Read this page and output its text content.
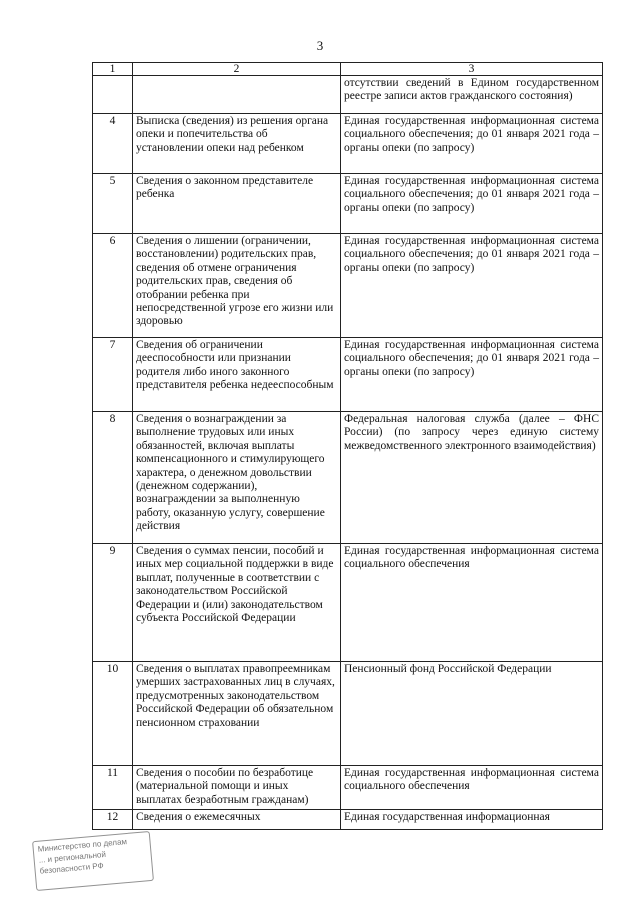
3
1	2	3
		отсутствии сведений в Едином государственном реестре записи актов гражданского состояния)
4	Выписка (сведения) из решения органа опеки и попечительства об установлении опеки над ребенком	Единая государственная информационная система социального обеспечения; до 01 января 2021 года – органы опеки (по запросу)
5	Сведения о законном представителе ребенка	Единая государственная информационная система социального обеспечения; до 01 января 2021 года – органы опеки (по запросу)
6	Сведения о лишении (ограничении, восстановлении) родительских прав, сведения об отмене ограничения родительских прав, сведения об отобрании ребенка при непосредственной угрозе его жизни или здоровью	Единая государственная информационная система социального обеспечения; до 01 января 2021 года – органы опеки (по запросу)
7	Сведения об ограничении дееспособности или признании родителя либо иного законного представителя ребенка недееспособным	Единая государственная информационная система социального обеспечения; до 01 января 2021 года – органы опеки (по запросу)
8	Сведения о вознаграждении за выполнение трудовых или иных обязанностей, включая выплаты компенсационного и стимулирующего характера, о денежном довольствии (денежном содержании), вознаграждении за выполненную работу, оказанную услугу, совершение действия	Федеральная налоговая служба (далее – ФНС России) (по запросу через единую систему межведомственного электронного взаимодействия)
9	Сведения о суммах пенсии, пособий и иных мер социальной поддержки в виде выплат, полученные в соответствии с законодательством Российской Федерации и (или) законодательством субъекта Российской Федерации	Единая государственная информационная система социального обеспечения
10	Сведения о выплатах правопреемникам умерших застрахованных лиц в случаях, предусмотренных законодательством Российской Федерации об обязательном пенсионном страховании	Пенсионный фонд Российской Федерации
11	Сведения о пособии по безработице (материальной помощи и иных выплатах безработным гражданам)	Единая государственная информационная система социального обеспечения
12	Сведения о ежемесячных	Единая государственная информационная
Министерство по делам
... и региональной
безопасности РФ
